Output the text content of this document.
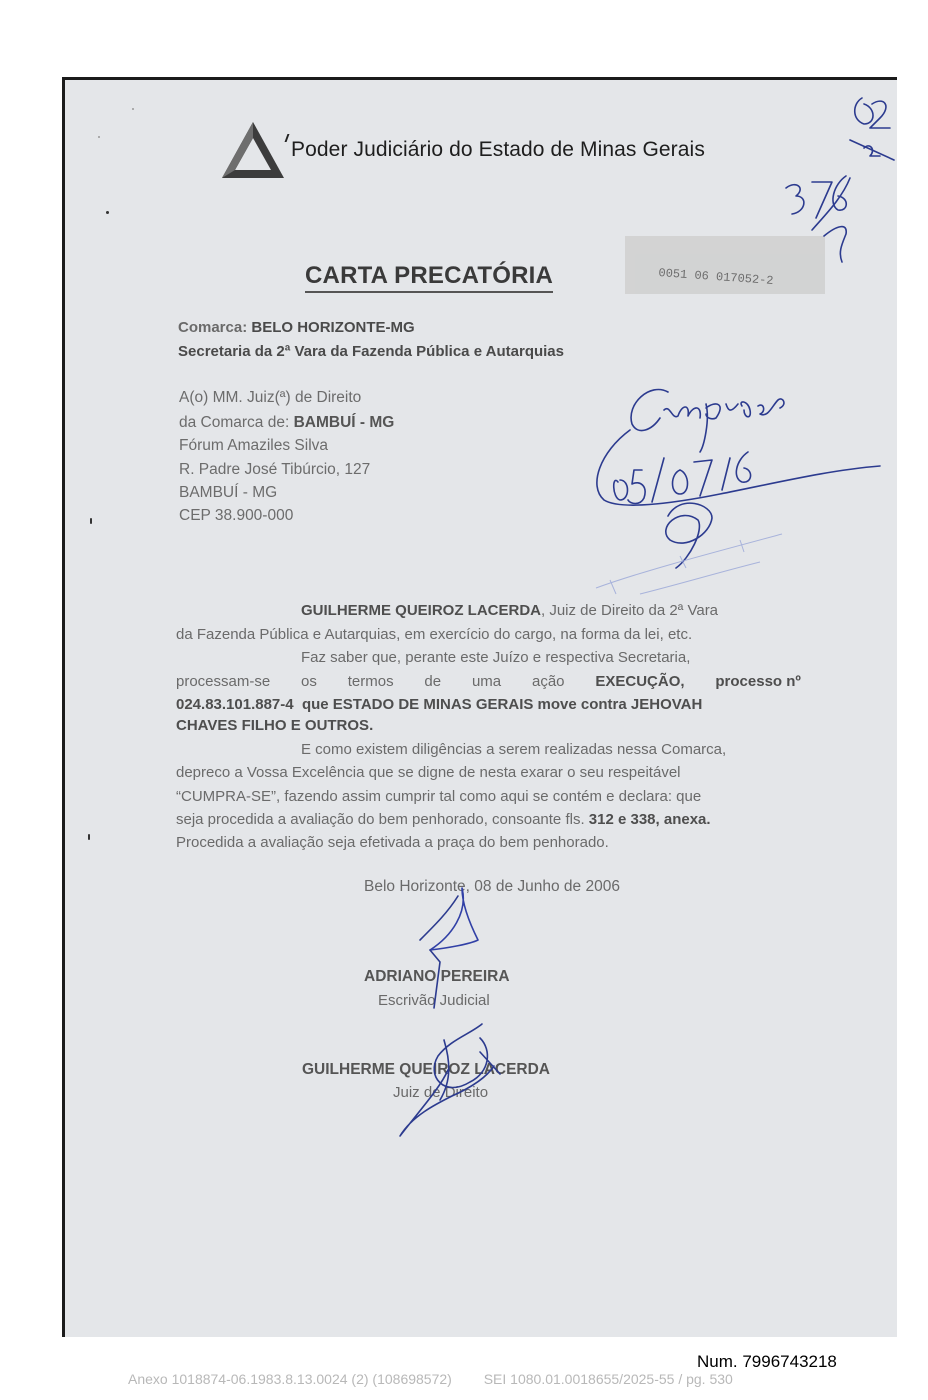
Poder Judiciário do Estado de Minas Gerais
CARTA PRECATÓRIA	0051 06 017052-2
Comarca: BELO HORIZONTE-MG
Secretaria da 2ª Vara da Fazenda Pública e Autarquias
A(o) MM. Juiz(ª) de Direito
da Comarca de: BAMBUÍ - MG
Fórum Amaziles Silva
R. Padre José Tibúrcio, 127
BAMBUÍ - MG
CEP 38.900-000
GUILHERME QUEIROZ LACERDA, Juiz de Direito da 2ª Vara
da Fazenda Pública e Autarquias, em exercício do cargo, na forma da lei, etc.
Faz saber que, perante este Juízo e respectiva Secretaria,
processam-se os termos de uma ação EXECUÇÃO, processo nº
024.83.101.887-4 que ESTADO DE MINAS GERAIS move contra JEHOVAH
CHAVES FILHO E OUTROS.
E como existem diligências a serem realizadas nessa Comarca,
depreco a Vossa Excelência que se digne de nesta exarar o seu respeitável
“CUMPRA-SE”, fazendo assim cumprir tal como aqui se contém e declara: que
seja procedida a avaliação do bem penhorado, consoante fls. 312 e 338, anexa.
Procedida a avaliação seja efetivada a praça do bem penhorado.
Belo Horizonte, 08 de Junho de 2006
ADRIANO PEREIRA
Escrivão Judicial
GUILHERME QUEIROZ LACERDA
Juiz de Direito
Num. 7996743218
Anexo 1018874-06.1983.8.13.0024 (2) (108698572) SEI 1080.01.0018655/2025-55 / pg. 530
